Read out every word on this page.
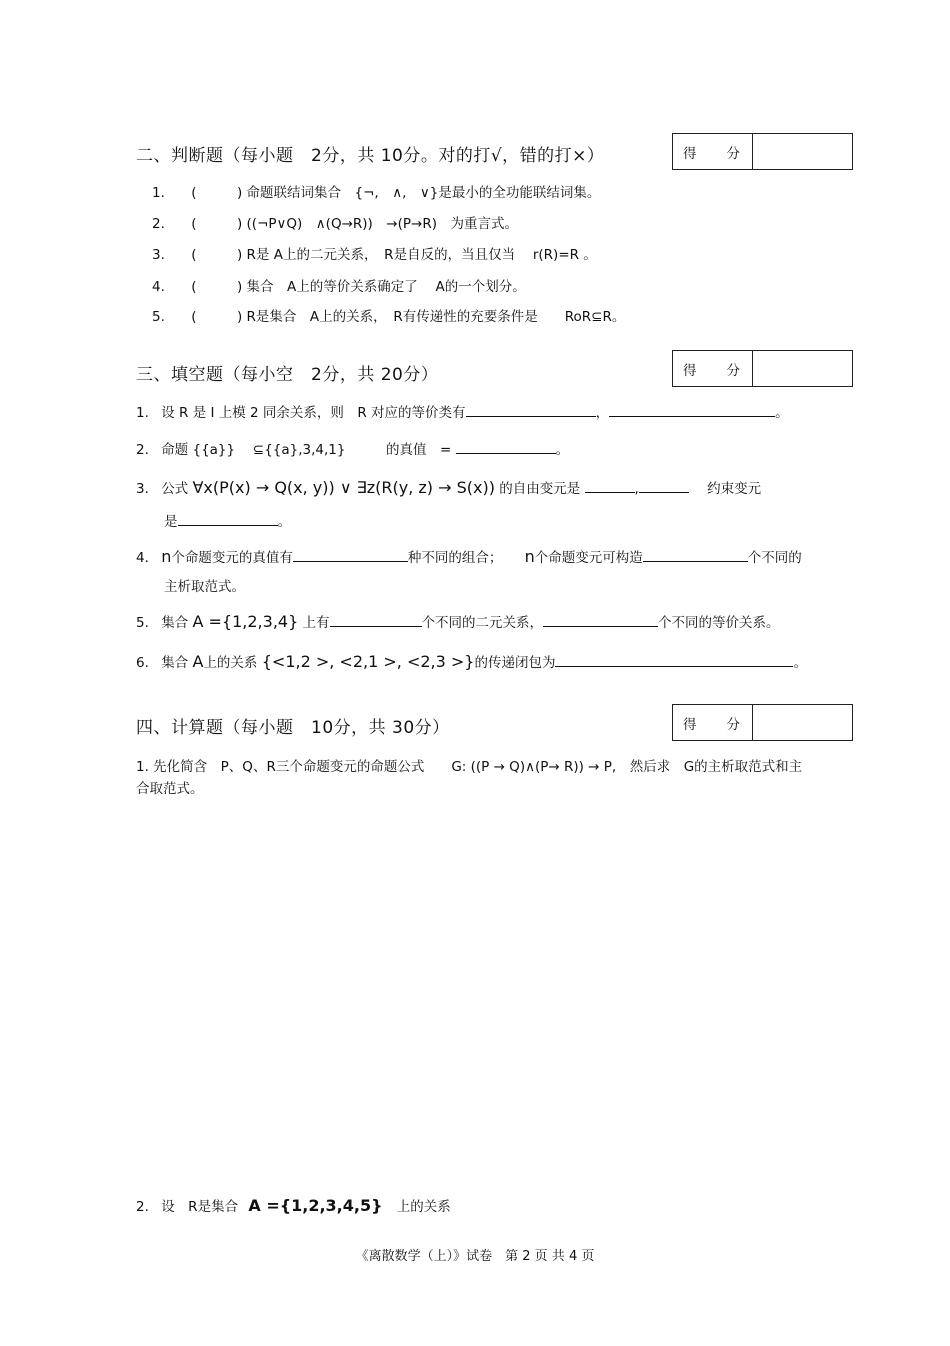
二、判断题（每小题　2分，共 10分。对的打√，错的打×）	得 分
1. (　　　) 命题联结词集合　{¬,　∧,　∨}是最小的全功能联结词集。
2. (　　　) ((¬P∨Q)　∧(Q→R))　→(P→R)　为重言式。
3. (　　　) R是 A上的二元关系，　R是自反的，当且仅当　 r(R)=R 。
4. (　　　) 集合　A上的等价关系确定了　 A的一个划分。
5. (　　　) R是集合　A上的关系，　R有传递性的充要条件是　　RoR⊆R。
三、填空题（每小空　2分，共 20分）	得 分
1. 设 R 是 I 上模 2 同余关系，则　R 对应的等价类有	，	。
2. 命题 {{a}}　 ⊆{{a},3,4,1}　　　的真值　=	。
3. 公式 ∀x(P(x) → Q(x, y)) ∨ ∃z(R(y, z) → S(x)) 的自由变元是	,	约束变元
是	。
4. n个命题变元的真值有	种不同的组合； n个命题变元可构造	个不同的
主析取范式。
5. 集合 A ={1,2,3,4} 上有	个不同的二元关系，	个不同的等价关系。
6. 集合 A上的关系 {<1,2 >, <2,1 >, <2,3 >}的传递闭包为	。
四、计算题（每小题　10分，共 30分）	得 分
1. 先化简含　P、Q、R三个命题变元的命题公式　　G: ((P → Q)∧(P→ R)) → P,　然后求　G的主析取范式和主
合取范式。
2. 设　R是集合 A ={1,2,3,4,5} 上的关系
《离散数学（上）》试卷　第 2 页 共 4 页
